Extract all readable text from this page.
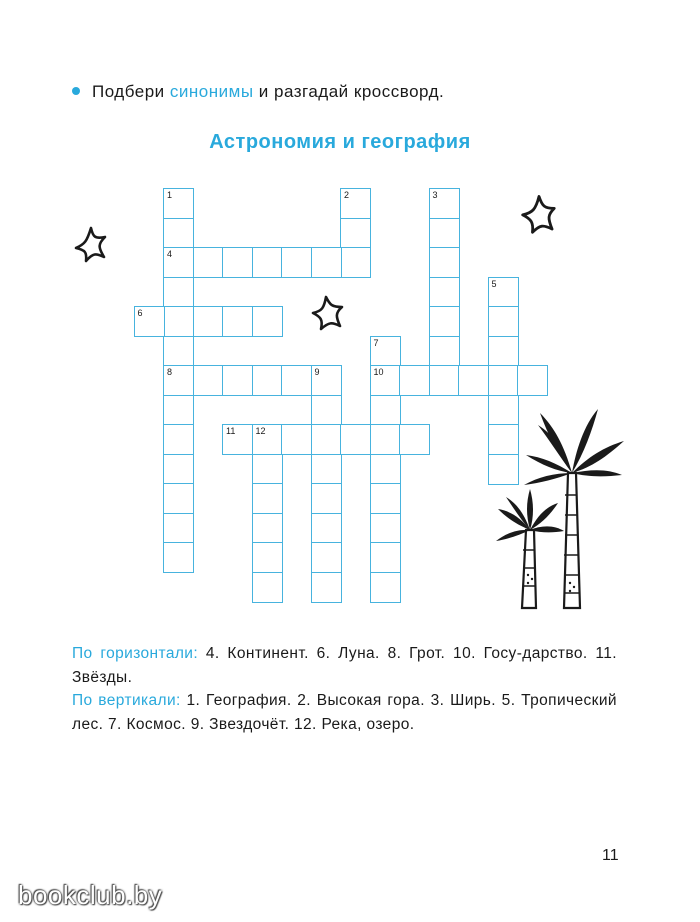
Подбери синонимы и разгадай кроссворд.
Астрономия и география
1
4
8
2	3
5
6
7
10
9
11 12
По горизонтали: 4. Континент. 6. Луна. 8. Грот. 10. Госу-дарство. 11. Звёзды.
По вертикали: 1. География. 2. Высокая гора. 3. Ширь. 5. Тропический лес. 7. Космос. 9. Звездочёт. 12. Река, озеро.
11
bookclub.by
